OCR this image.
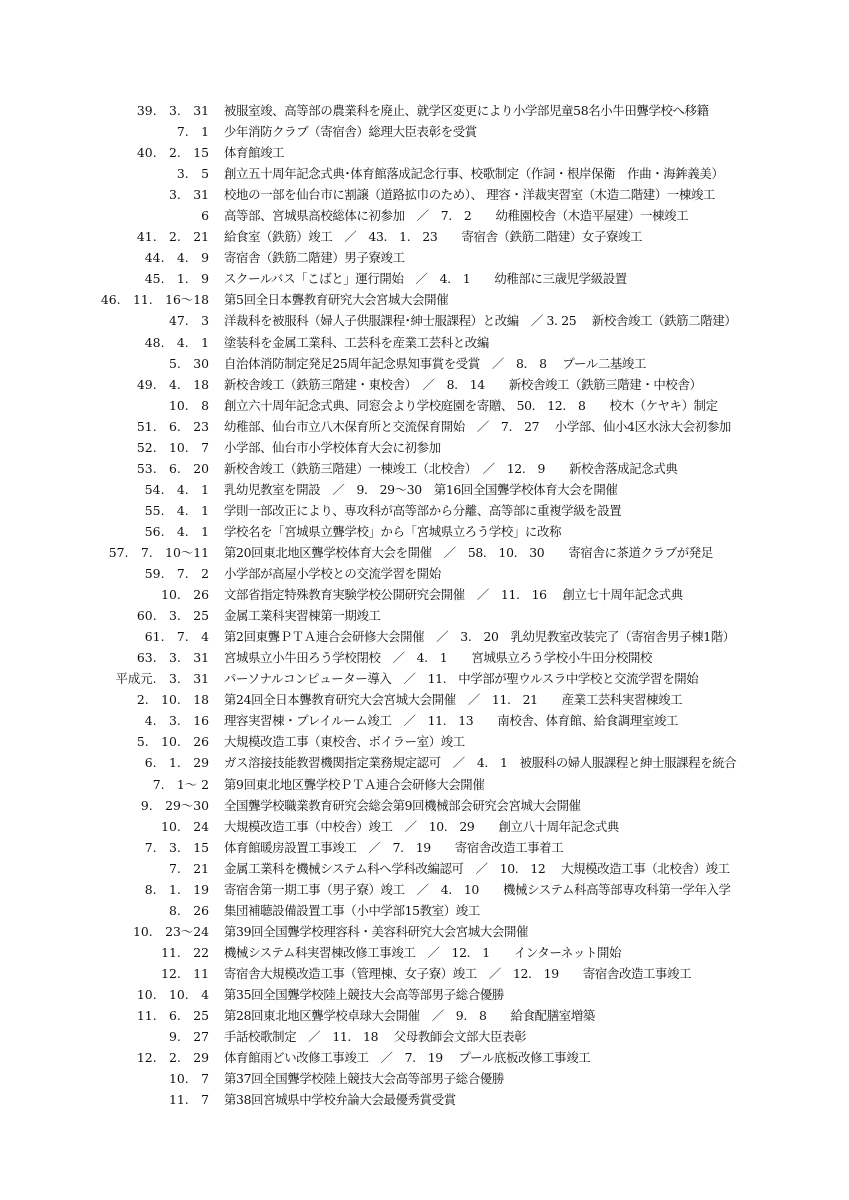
39.　3.　31 被服室竣、高等部の農業科を廃止、就学区変更により小学部児童58名小牛田聾学校へ移籍
7.　1 少年消防クラブ（寄宿舎）総理大臣表彰を受賞
40.　2.　15 体育館竣工
3.　5 創立五十周年記念式典･体育館落成記念行事、校歌制定（作詞・根岸保衛　作曲・海鉾義美）
3.　31 校地の一部を仙台市に割譲（道路拡巾のため）、 理容・洋裁実習室（木造二階建）一棟竣工
6 高等部、宮城県高校総体に初参加　／　7.　2　　幼稚園校舎（木造平屋建）一棟竣工
41.　2.　21 給食室（鉄筋）竣工　／　43.　1.　23　　寄宿舎（鉄筋二階建）女子寮竣工
44.　4.　9 寄宿舎（鉄筋二階建）男子寮竣工
45.　1.　9 スクールバス「こばと」運行開始　／　4.　1　　幼稚部に三歳児学級設置
46.　11.　16～18 第5回全日本聾教育研究大会宮城大会開催
47.　3 洋裁科を被服科（婦人子供服課程･紳士服課程）と改編　／ 3. 25　 新校舎竣工（鉄筋二階建）
48.　4.　1 塗装科を金属工業科、工芸科を産業工芸科と改編
5.　30 自治体消防制定発足25周年記念県知事賞を受賞　／　8.　8　 プール二基竣工
49.　4.　18 新校舎竣工（鉄筋三階建・東校舎）　／　8.　14　　新校舎竣工（鉄筋三階建・中校舎）
10.　8 創立六十周年記念式典、同窓会より学校庭園を寄贈、 50.　12.　8　　校木（ケヤキ）制定
51.　6.　23 幼稚部、仙台市立八木保育所と交流保育開始　／　7.　27　 小学部、仙小4区水泳大会初参加
52.　10.　7 小学部、仙台市小学校体育大会に初参加
53.　6.　20 新校舎竣工（鉄筋三階建）一棟竣工（北校舎）　／　12.　9　　新校舎落成記念式典
54.　4.　1 乳幼児教室を開設　／　9.　29～30　第16回全国聾学校体育大会を開催
55.　4.　1 学則一部改正により、専攻科が高等部から分離、高等部に重複学級を設置
56.　4.　1 学校名を「宮城県立聾学校」から「宮城県立ろう学校」に改称
57.　7.　10～11 第20回東北地区聾学校体育大会を開催　／　58.　10.　30　　寄宿舎に茶道クラブが発足
59.　7.　2 小学部が高屋小学校との交流学習を開始
10.　26 文部省指定特殊教育実験学校公開研究会開催　／　11.　16　 創立七十周年記念式典
60.　3.　25 金属工業科実習棟第一期竣工
61.　7.　4 第2回東聾ＰＴＡ連合会研修大会開催　／　3.　20　乳幼児教室改装完了（寄宿舎男子棟1階）
63.　3.　31 宮城県立小牛田ろう学校閉校　／　4.　1　　宮城県立ろう学校小牛田分校開校
平成元.　3.　31 パーソナルコンピューター導入　／　11.　中学部が聖ウルスラ中学校と交流学習を開始
2.　10.　18 第24回全日本聾教育研究大会宮城大会開催　／　11.　21　　産業工芸科実習棟竣工
4.　3.　16 理容実習棟・プレイルーム竣工　／　11.　13　　南校舎、体育館、給食調理室竣工
5.　10.　26 大規模改造工事（東校舎、ボイラー室）竣工
6.　1.　29 ガス溶接技能教習機関指定業務規定認可　／　4.　1　被服科の婦人服課程と紳士服課程を統合
7.　1～ 2 第9回東北地区聾学校ＰＴＡ連合会研修大会開催
9.　29～30 全国聾学校職業教育研究会総会第9回機械部会研究会宮城大会開催
10.　24 大規模改造工事（中校舎）竣工　／　10.　29　　創立八十周年記念式典
7.　3.　15 体育館暖房設置工事竣工　／　7.　19　　寄宿舎改造工事着工
7.　21 金属工業科を機械システム科へ学科改編認可　／　10.　12　 大規模改造工事（北校舎）竣工
8.　1.　19 寄宿舎第一期工事（男子寮）竣工　／　4.　10　　機械システム科高等部専攻科第一学年入学
8.　26 集団補聴設備設置工事（小中学部15教室）竣工
10.　23～24 第39回全国聾学校理容科・美容科研究大会宮城大会開催
11.　22 機械システム科実習棟改修工事竣工　／　12.　1　　インターネット開始
12.　11 寄宿舎大規模改造工事（管理棟、女子寮）竣工　／　12.　19　　寄宿舎改造工事竣工
10.　10.　4 第35回全国聾学校陸上競技大会高等部男子総合優勝
11.　6.　25 第28回東北地区聾学校卓球大会開催　／　9.　8　　給食配膳室増築
9.　27 手話校歌制定　／　11.　18　 父母教師会文部大臣表彰
12.　2.　29 体育館雨どい改修工事竣工　／　7.　19　 プール底板改修工事竣工
10.　7 第37回全国聾学校陸上競技大会高等部男子総合優勝
11.　7 第38回宮城県中学校弁論大会最優秀賞受賞
